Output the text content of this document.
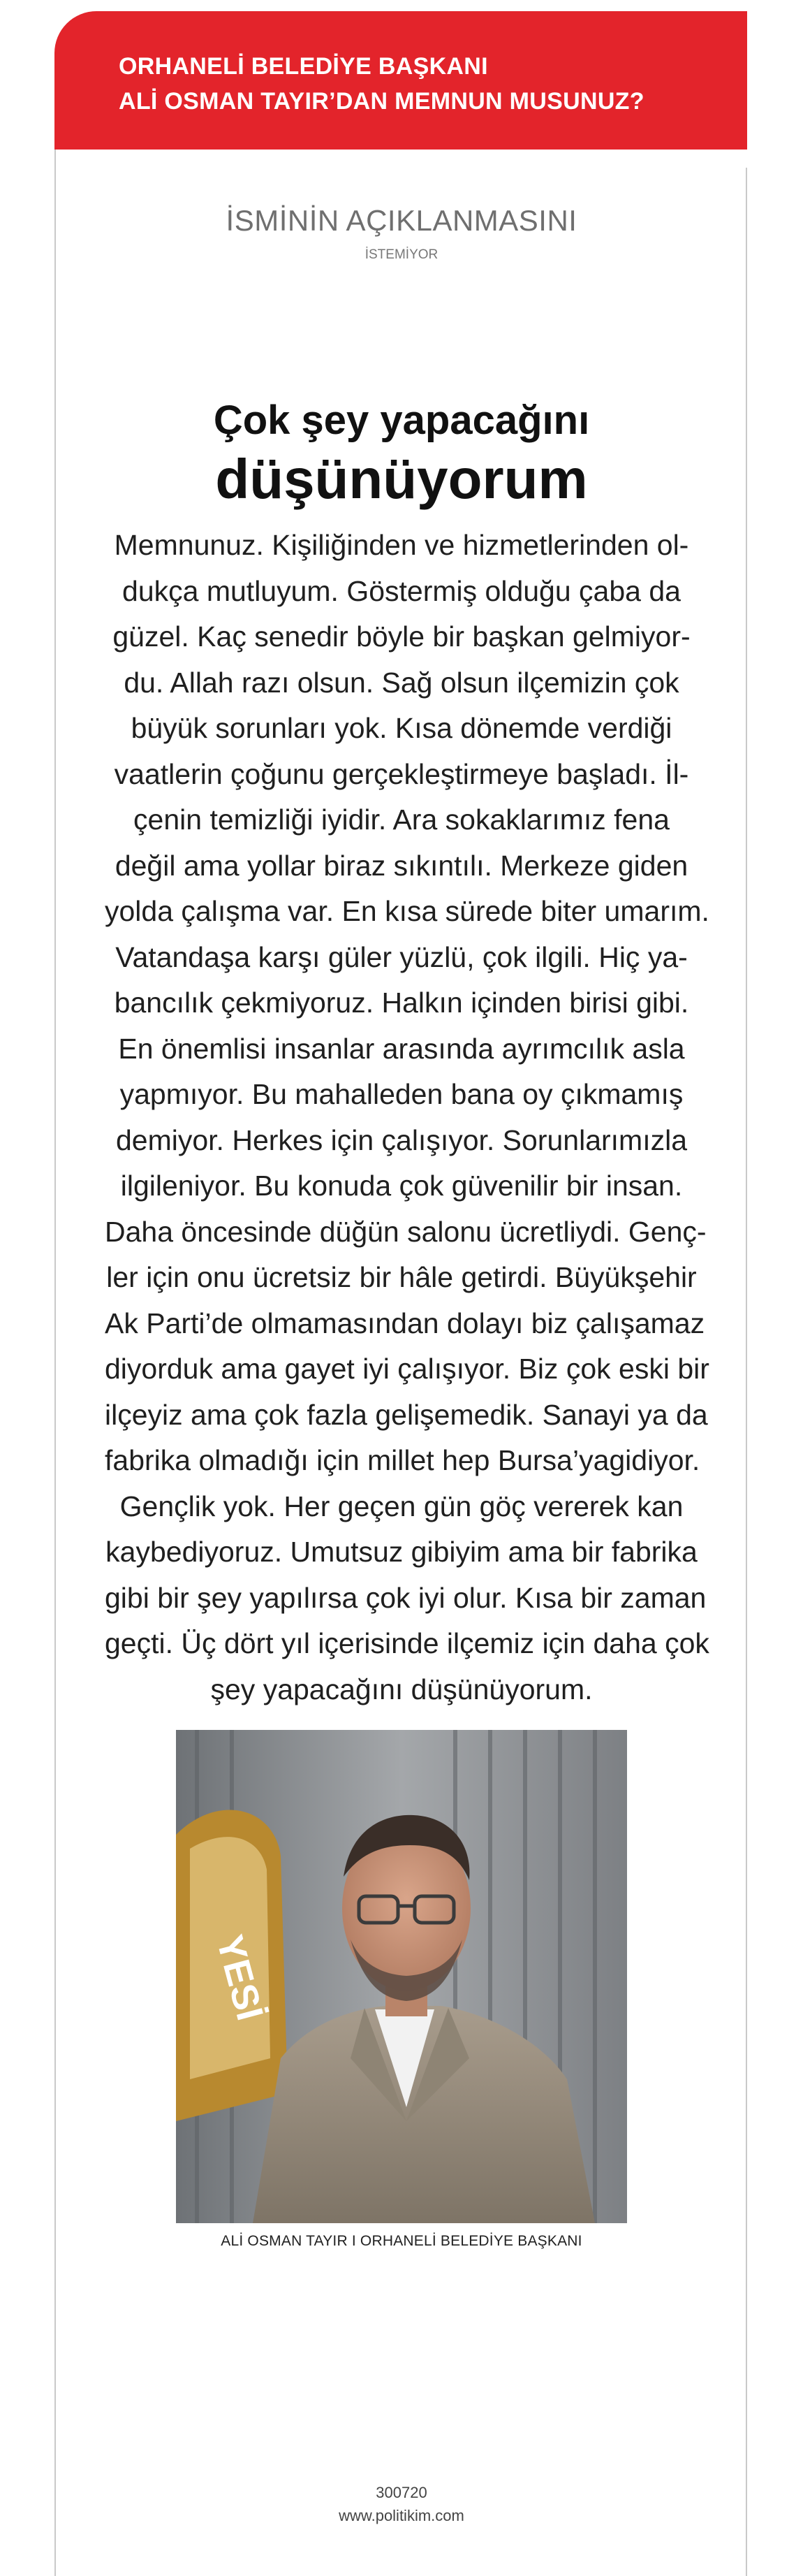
ORHANELİ BELEDİYE BAŞKANI
ALİ OSMAN TAYIR’DAN MEMNUN MUSUNUZ?
İSMİNİN AÇIKLANMASINI
İSTEMİYOR
Çok şey yapacağını
düşünüyorum
Memnunuz. Kişiliğinden ve hizmetlerinden ol-
dukça mutluyum. Göstermiş olduğu çaba da
güzel. Kaç senedir böyle bir başkan gelmiyor-
du. Allah razı olsun. Sağ olsun ilçemizin çok
büyük sorunları yok. Kısa dönemde verdiği
vaatlerin çoğunu gerçekleştirmeye başladı. İl-
çenin temizliği iyidir. Ara sokaklarımız fena
değil ama yollar biraz sıkıntılı. Merkeze giden
yolda çalışma var. En kısa sürede biter umarım.
Vatandaşa karşı güler yüzlü, çok ilgili. Hiç ya-
bancılık çekmiyoruz. Halkın içinden birisi gibi.
En önemlisi insanlar arasında ayrımcılık asla
yapmıyor. Bu mahalleden bana oy çıkmamış
demiyor. Herkes için çalışıyor. Sorunlarımızla
ilgileniyor. Bu konuda çok güvenilir bir insan.
Daha öncesinde düğün salonu ücretliydi. Genç-
ler için onu ücretsiz bir hâle getirdi. Büyükşehir
Ak Parti’de olmamasından dolayı biz çalışamaz
diyorduk ama gayet iyi çalışıyor. Biz çok eski bir
ilçeyiz ama çok fazla gelişemedik. Sanayi ya da
fabrika olmadığı için millet hep Bursa’yagidiyor.
Gençlik yok. Her geçen gün göç vererek kan
kaybediyoruz. Umutsuz gibiyim ama bir fabrika
gibi bir şey yapılırsa çok iyi olur. Kısa bir zaman
geçti. Üç dört yıl içerisinde ilçemiz için daha çok
şey yapacağını düşünüyorum.
YESİ
ALİ OSMAN TAYIR I ORHANELİ BELEDİYE BAŞKANI
300720
www.politikim.com
